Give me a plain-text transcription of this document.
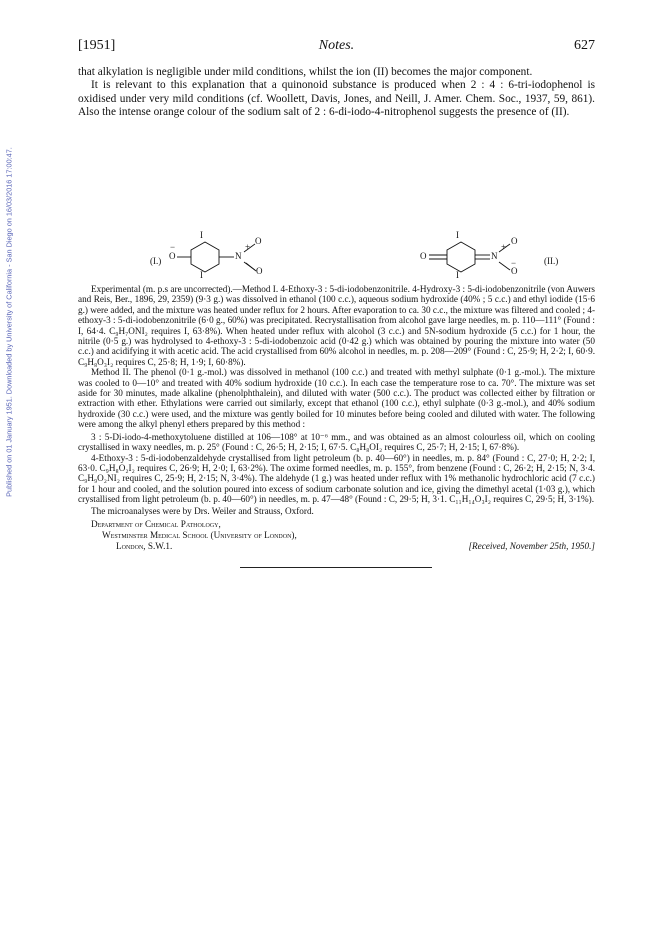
Published on 01 January 1951. Downloaded by University of California - San Diego on 16/03/2016 17:00:47.
[1951]	Notes.	627

that alkylation is negligible under mild conditions, whilst the ion (II) becomes the major component.

It is relevant to this explanation that a quinonoid substance is produced when 2 : 4 : 6-tri-iodophenol is oxidised under very mild conditions (cf. Woollett, Davis, Jones, and Neill, J. Amer. Chem. Soc., 1937, 59, 861). Also the intense orange colour of the sodium salt of 2 : 6-di-iodo-4-nitrophenol suggests the presence of (II).

(I.)
I
I
O
−
N
+
O
O
I
I
O	N
+
O
O
−	(II.)

Experimental (m. p.s are uncorrected).—Method I. 4-Ethoxy-3 : 5-di-iodobenzonitrile. 4-Hydroxy-3 : 5-di-iodobenzonitrile (von Auwers and Reis, Ber., 1896, 29, 2359) (9·3 g.) was dissolved in ethanol (100 c.c.), aqueous sodium hydroxide (40% ; 5 c.c.) and ethyl iodide (15·6 g.) were added, and the mixture was heated under reflux for 2 hours. After evaporation to ca. 30 c.c., the mixture was filtered and cooled ; 4-ethoxy-3 : 5-di-iodobenzonitrile (6·0 g., 60%) was precipitated. Recrystallisation from alcohol gave large needles, m. p. 110—111° (Found : I, 64·4. C₉H₇ONI₂ requires I, 63·8%). When heated under reflux with alcohol (3 c.c.) and 5N-sodium hydroxide (5 c.c.) for 1 hour, the nitrile (0·5 g.) was hydrolysed to 4-ethoxy-3 : 5-di-iodobenzoic acid (0·42 g.) which was obtained by pouring the mixture into water (50 c.c.) and acidifying it with acetic acid. The acid crystallised from 60% alcohol in needles, m. p. 208—209° (Found : C, 25·9; H, 2·2; I, 60·9. C₉H₈O₃I₂ requires C, 25·8; H, 1·9; I, 60·8%).

Method II. The phenol (0·1 g.-mol.) was dissolved in methanol (100 c.c.) and treated with methyl sulphate (0·1 g.-mol.). The mixture was cooled to 0—10° and treated with 40% sodium hydroxide (10 c.c.). In each case the temperature rose to ca. 70°. The mixture was set aside for 30 minutes, made alkaline (phenolphthalein), and diluted with water (500 c.c.). The product was collected either by filtration or extraction with ether. Ethylations were carried out similarly, except that ethanol (100 c.c.), ethyl sulphate (0·3 g.-mol.), and 40% sodium hydroxide (30 c.c.) were used, and the mixture was gently boiled for 10 minutes before being cooled and diluted with water. The following were among the alkyl phenyl ethers prepared by this method :

3 : 5-Di-iodo-4-methoxytoluene distilled at 106—108° at 10⁻⁶ mm., and was obtained as an almost colourless oil, which on cooling crystallised in waxy needles, m. p. 25° (Found : C, 26·5; H, 2·15; I, 67·5. C₈H₈OI₂ requires C, 25·7; H, 2·15; I, 67·8%).

4-Ethoxy-3 : 5-di-iodobenzaldehyde crystallised from light petroleum (b. p. 40—60°) in needles, m. p. 84° (Found : C, 27·0; H, 2·2; I, 63·0. C₉H₈O₂I₂ requires C, 26·9; H, 2·0; I, 63·2%). The oxime formed needles, m. p. 155°, from benzene (Found : C, 26·2; H, 2·15; N, 3·4. C₉H₉O₂NI₂ requires C, 25·9; H, 2·15; N, 3·4%). The aldehyde (1 g.) was heated under reflux with 1% methanolic hydrochloric acid (7 c.c.) for 1 hour and cooled, and the solution poured into excess of sodium carbonate solution and ice, giving the dimethyl acetal (1·03 g.), which crystallised from light petroleum (b. p. 40—60°) in needles, m. p. 47—48° (Found : C, 29·5; H, 3·1. C₁₁H₁₄O₃I₂ requires C, 29·5; H, 3·1%).

The microanalyses were by Drs. Weiler and Strauss, Oxford.

Department of Chemical Pathology,
Westminster Medical School (University of London),
London, S.W.1.	[Received, November 25th, 1950.]
